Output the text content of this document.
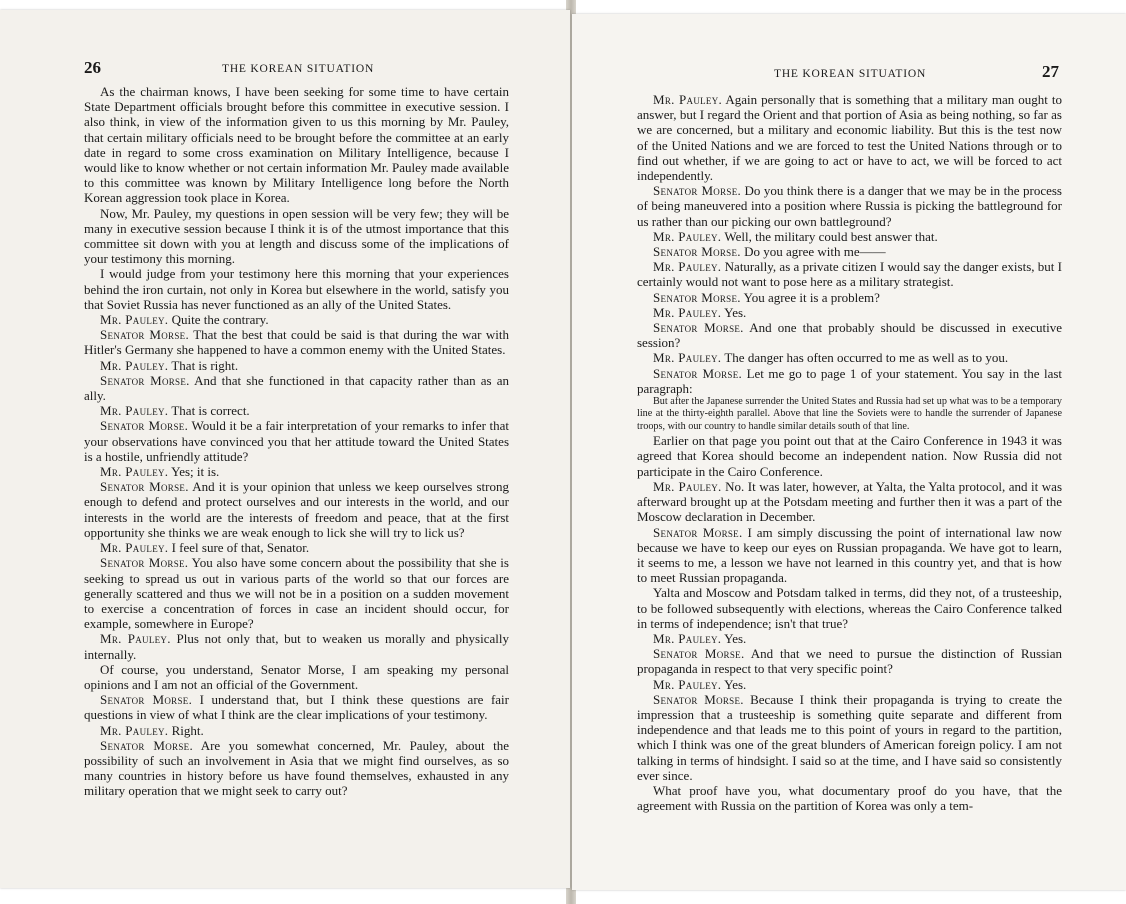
26	THE KOREAN SITUATION

As the chairman knows, I have been seeking for some time to have certain State Department officials brought before this committee in executive session. I also think, in view of the information given to us this morning by Mr. Pauley, that certain military officials need to be brought before the committee at an early date in regard to some cross examination on Military Intelligence, because I would like to know whether or not certain information Mr. Pauley made available to this committee was known by Military Intelligence long before the North Korean aggression took place in Korea.

Now, Mr. Pauley, my questions in open session will be very few; they will be many in executive session because I think it is of the utmost importance that this committee sit down with you at length and discuss some of the implications of your testimony this morning.

I would judge from your testimony here this morning that your experiences behind the iron curtain, not only in Korea but elsewhere in the world, satisfy you that Soviet Russia has never functioned as an ally of the United States.

Mr. Pauley. Quite the contrary.

Senator Morse. That the best that could be said is that during the war with Hitler's Germany she happened to have a common enemy with the United States.

Mr. Pauley. That is right.

Senator Morse. And that she functioned in that capacity rather than as an ally.

Mr. Pauley. That is correct.

Senator Morse. Would it be a fair interpretation of your remarks to infer that your observations have convinced you that her attitude toward the United States is a hostile, unfriendly attitude?

Mr. Pauley. Yes; it is.

Senator Morse. And it is your opinion that unless we keep ourselves strong enough to defend and protect ourselves and our interests in the world, and our interests in the world are the interests of freedom and peace, that at the first opportunity she thinks we are weak enough to lick she will try to lick us?

Mr. Pauley. I feel sure of that, Senator.

Senator Morse. You also have some concern about the possibility that she is seeking to spread us out in various parts of the world so that our forces are generally scattered and thus we will not be in a position on a sudden movement to exercise a concentration of forces in case an incident should occur, for example, somewhere in Europe?

Mr. Pauley. Plus not only that, but to weaken us morally and physically internally.

Of course, you understand, Senator Morse, I am speaking my personal opinions and I am not an official of the Government.

Senator Morse. I understand that, but I think these questions are fair questions in view of what I think are the clear implications of your testimony.

Mr. Pauley. Right.

Senator Morse. Are you somewhat concerned, Mr. Pauley, about the possibility of such an involvement in Asia that we might find ourselves, as so many countries in history before us have found themselves, exhausted in any military operation that we might seek to carry out?

THE KOREAN SITUATION	27

Mr. Pauley. Again personally that is something that a military man ought to answer, but I regard the Orient and that portion of Asia as being nothing, so far as we are concerned, but a military and economic liability. But this is the test now of the United Nations and we are forced to test the United Nations through or to find out whether, if we are going to act or have to act, we will be forced to act independently.

Senator Morse. Do you think there is a danger that we may be in the process of being maneuvered into a position where Russia is picking the battleground for us rather than our picking our own battleground?

Mr. Pauley. Well, the military could best answer that.

Senator Morse. Do you agree with me——

Mr. Pauley. Naturally, as a private citizen I would say the danger exists, but I certainly would not want to pose here as a military strategist.

Senator Morse. You agree it is a problem?

Mr. Pauley. Yes.

Senator Morse. And one that probably should be discussed in executive session?

Mr. Pauley. The danger has often occurred to me as well as to you.

Senator Morse. Let me go to page 1 of your statement. You say in the last paragraph:

But after the Japanese surrender the United States and Russia had set up what was to be a temporary line at the thirty-eighth parallel. Above that line the Soviets were to handle the surrender of Japanese troops, with our country to handle similar details south of that line.

Earlier on that page you point out that at the Cairo Conference in 1943 it was agreed that Korea should become an independent nation. Now Russia did not participate in the Cairo Conference.

Mr. Pauley. No. It was later, however, at Yalta, the Yalta protocol, and it was afterward brought up at the Potsdam meeting and further then it was a part of the Moscow declaration in December.

Senator Morse. I am simply discussing the point of international law now because we have to keep our eyes on Russian propaganda. We have got to learn, it seems to me, a lesson we have not learned in this country yet, and that is how to meet Russian propaganda.

Yalta and Moscow and Potsdam talked in terms, did they not, of a trusteeship, to be followed subsequently with elections, whereas the Cairo Conference talked in terms of independence; isn't that true?

Mr. Pauley. Yes.

Senator Morse. And that we need to pursue the distinction of Russian propaganda in respect to that very specific point?

Mr. Pauley. Yes.

Senator Morse. Because I think their propaganda is trying to create the impression that a trusteeship is something quite separate and different from independence and that leads me to this point of yours in regard to the partition, which I think was one of the great blunders of American foreign policy. I am not talking in terms of hindsight. I said so at the time, and I have said so consistently ever since.

What proof have you, what documentary proof do you have, that the agreement with Russia on the partition of Korea was only a tem-
